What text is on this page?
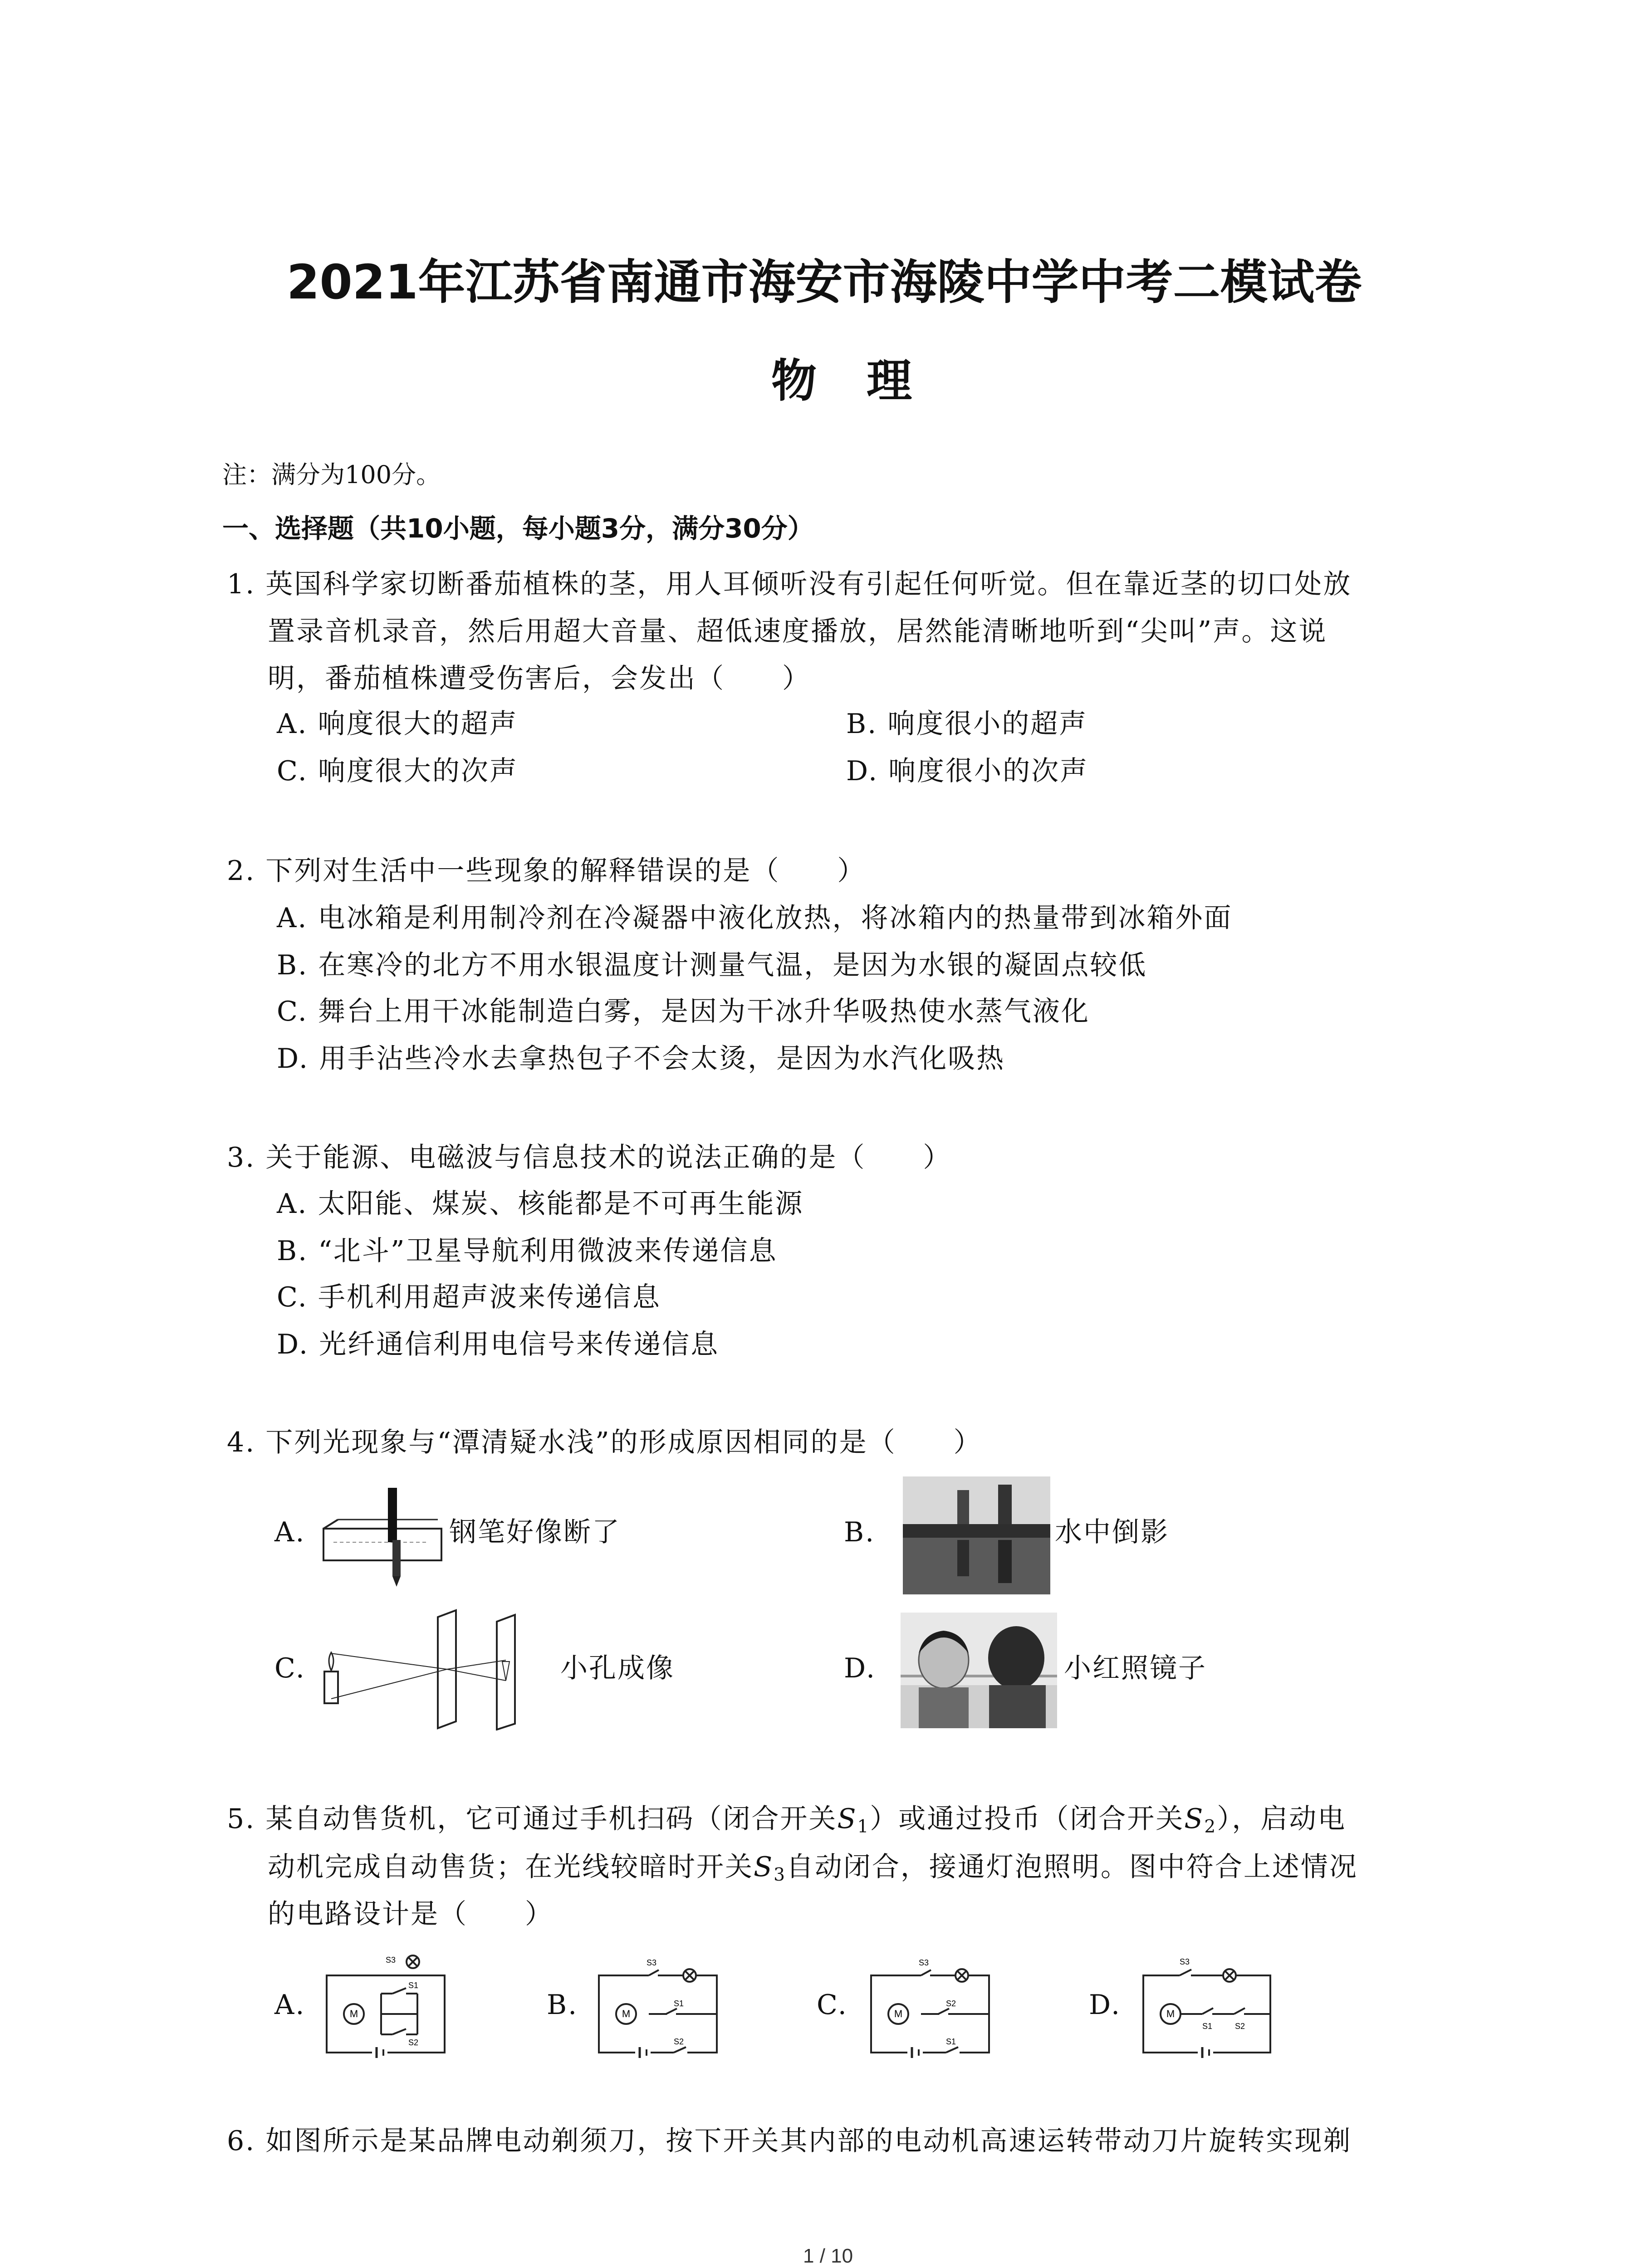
2021年江苏省南通市海安市海陵中学中考二模试卷
物理
注：满分为100分。
一、选择题（共10小题，每小题3分，满分30分）
1. 英国科学家切断番茄植株的茎，用人耳倾听没有引起任何听觉。但在靠近茎的切口处放
置录音机录音，然后用超大音量、超低速度播放，居然能清晰地听到“尖叫”声。这说
明，番茄植株遭受伤害后，会发出（　　）
A. 响度很大的超声	B. 响度很小的超声
C. 响度很大的次声	D. 响度很小的次声
2. 下列对生活中一些现象的解释错误的是（　　）
A. 电冰箱是利用制冷剂在冷凝器中液化放热，将冰箱内的热量带到冰箱外面
B. 在寒冷的北方不用水银温度计测量气温，是因为水银的凝固点较低
C. 舞台上用干冰能制造白雾，是因为干冰升华吸热使水蒸气液化
D. 用手沾些冷水去拿热包子不会太烫，是因为水汽化吸热
3. 关于能源、电磁波与信息技术的说法正确的是（　　）
A. 太阳能、煤炭、核能都是不可再生能源
B. “北斗”卫星导航利用微波来传递信息
C. 手机利用超声波来传递信息
D. 光纤通信利用电信号来传递信息
4. 下列光现象与“潭清疑水浅”的形成原因相同的是（　　）
A.	钢笔好像断了	B.	水中倒影
C.	小孔成像	D.	小红照镜子
5. 某自动售货机，它可通过手机扫码（闭合开关$S_1$）或通过投币（闭合开关$S_2$），启动电
动机完成自动售货；在光线较暗时开关$S_3$自动闭合，接通灯泡照明。图中符合上述情况
的电路设计是（　　）
A.	M
S3
S1
S2
B.	M
S3
S1
S2
C.	M
S3
S2
S1
D.	M
S3
S1	S2
6. 如图所示是某品牌电动剃须刀，按下开关其内部的电动机高速运转带动刀片旋转实现剃
1 / 10
